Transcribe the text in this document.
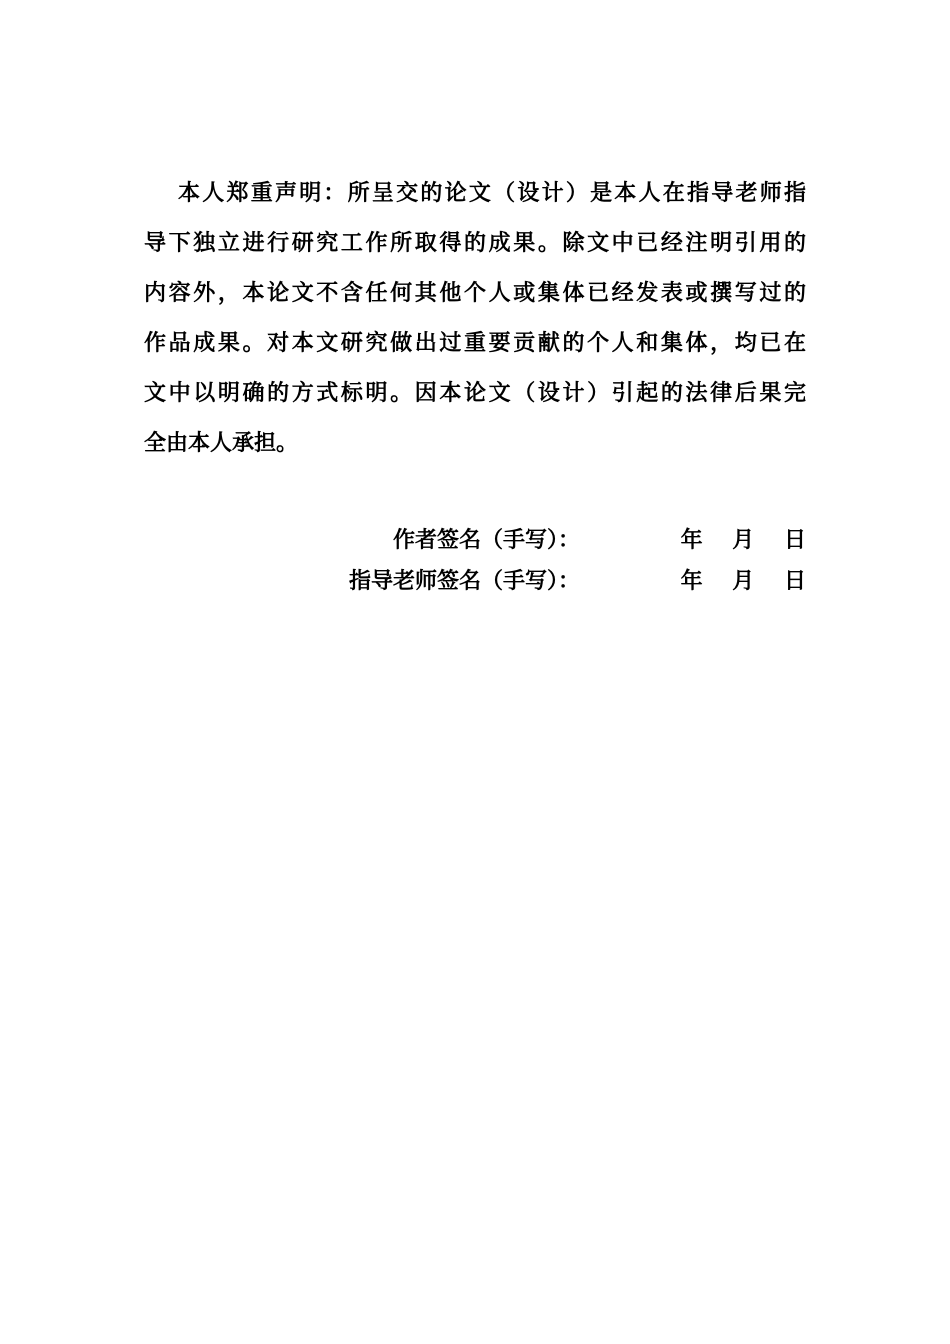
本人郑重声明：所呈交的论文（设计）是本人在指导老师指
导下独立进行研究工作所取得的成果。除文中已经注明引用的
内容外，本论文不含任何其他个人或集体已经发表或撰写过的
作品成果。对本文研究做出过重要贡献的个人和集体，均已在
文中以明确的方式标明。因本论文（设计）引起的法律后果完
全由本人承担。
作者签名（手写）：	年 月 日
指导老师签名（手写）：	年 月 日
